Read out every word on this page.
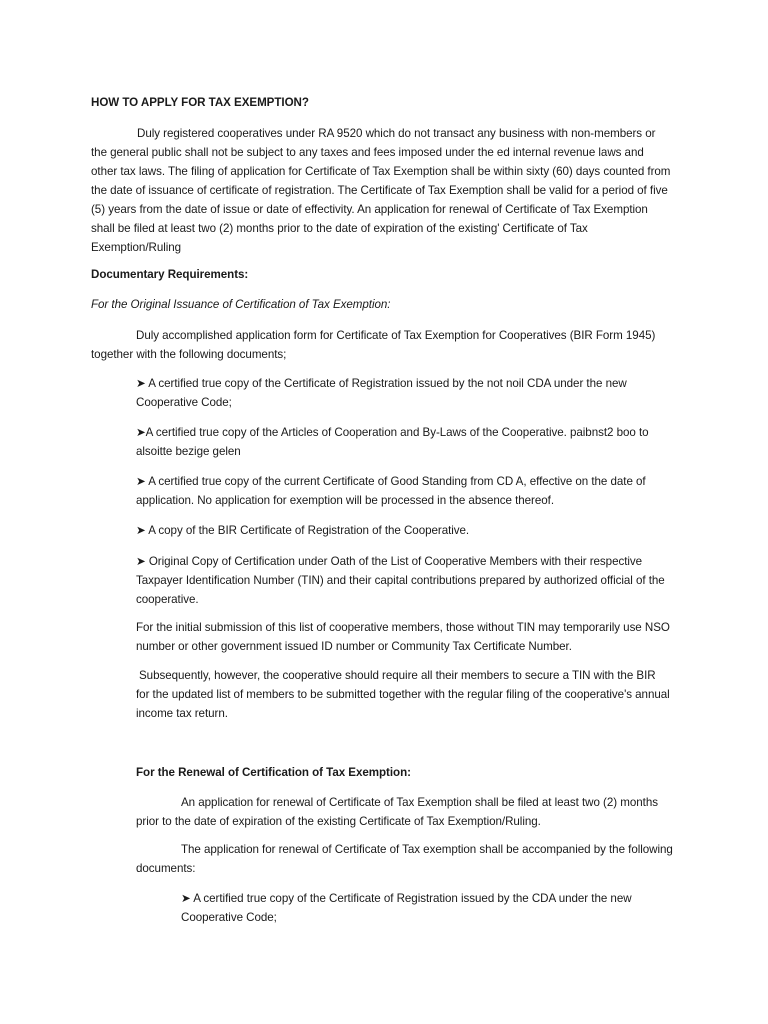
HOW TO APPLY FOR TAX EXEMPTION?

Duly registered cooperatives under RA 9520 which do not transact any business with non-members or the general public shall not be subject to any taxes and fees imposed under the ed internal revenue laws and other tax laws. The filing of application for Certificate of Tax Exemption shall be within sixty (60) days counted from the date of issuance of certificate of registration. The Certificate of Tax Exemption shall be valid for a period of five (5) years from the date of issue or date of effectivity. An application for renewal of Certificate of Tax Exemption shall be filed at least two (2) months prior to the date of expiration of the existing' Certificate of Tax Exemption/Ruling

Documentary Requirements:

For the Original Issuance of Certification of Tax Exemption:

Duly accomplished application form for Certificate of Tax Exemption for Cooperatives (BIR Form 1945) together with the following documents;

➤ A certified true copy of the Certificate of Registration issued by the not noil CDA under the new Cooperative Code;

➤A certified true copy of the Articles of Cooperation and By-Laws of the Cooperative. paibnst2 boo to alsoitte bezige gelen

➤ A certified true copy of the current Certificate of Good Standing from CD A, effective on the date of application. No application for exemption will be processed in the absence thereof.

➤ A copy of the BIR Certificate of Registration of the Cooperative.

➤ Original Copy of Certification under Oath of the List of Cooperative Members with their respective Taxpayer Identification Number (TIN) and their capital contributions prepared by authorized official of the cooperative.

For the initial submission of this list of cooperative members, those without TIN may temporarily use NSO number or other government issued ID number or Community Tax Certificate Number.

Subsequently, however, the cooperative should require all their members to secure a TIN with the BIR for the updated list of members to be submitted together with the regular filing of the cooperative's annual income tax return.

For the Renewal of Certification of Tax Exemption:

An application for renewal of Certificate of Tax Exemption shall be filed at least two (2) months prior to the date of expiration of the existing Certificate of Tax Exemption/Ruling.

The application for renewal of Certificate of Tax exemption shall be accompanied by the following documents:

➤ A certified true copy of the Certificate of Registration issued by the CDA under the new Cooperative Code;
